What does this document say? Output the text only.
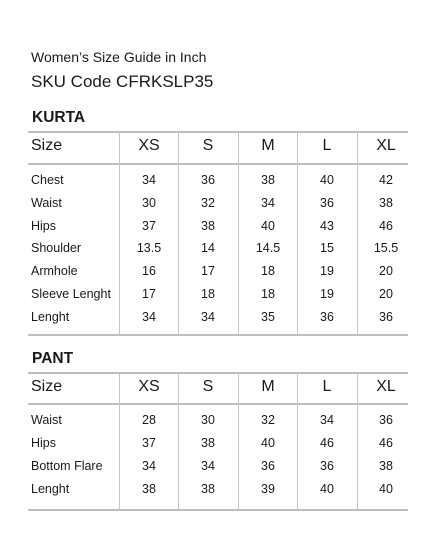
Women’s Size Guide in Inch
SKU Code CFRKSLP35
KURTA
Size	XS	S	M	L	XL
Chest	34	36	38	40	42
Waist	30	32	34	36	38
Hips	37	38	40	43	46
Shoulder	13.5	14	14.5	15	15.5
Armhole	16	17	18	19	20
Sleeve Lenght	17	18	18	19	20
Lenght	34	34	35	36	36
PANT
Size	XS	S	M	L	XL
Waist	28	30	32	34	36
Hips	37	38	40	46	46
Bottom Flare	34	34	36	36	38
Lenght	38	38	39	40	40
